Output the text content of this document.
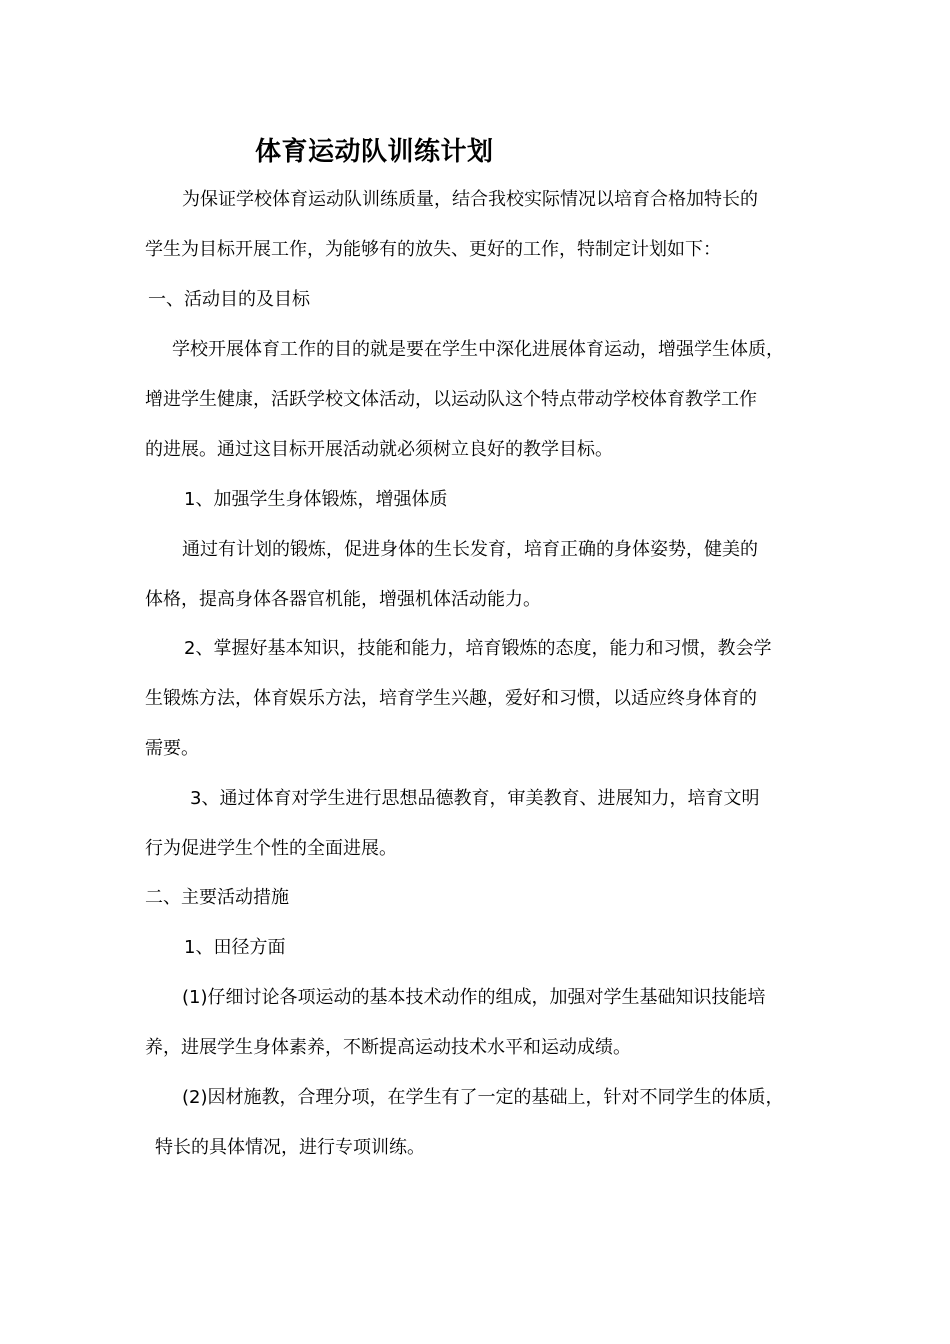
体育运动队训练计划
为保证学校体育运动队训练质量，结合我校实际情况以培育合格加特长的
学生为目标开展工作，为能够有的放失、更好的工作，特制定计划如下：
一、活动目的及目标
学校开展体育工作的目的就是要在学生中深化进展体育运动，增强学生体质，
增进学生健康，活跃学校文体活动，以运动队这个特点带动学校体育教学工作
的进展。通过这目标开展活动就必须树立良好的教学目标。
1、加强学生身体锻炼，增强体质
通过有计划的锻炼，促进身体的生长发育，培育正确的身体姿势，健美的
体格，提高身体各器官机能，增强机体活动能力。
2、掌握好基本知识，技能和能力，培育锻炼的态度，能力和习惯，教会学
生锻炼方法，体育娱乐方法，培育学生兴趣，爱好和习惯，以适应终身体育的
需要。
3、通过体育对学生进行思想品德教育，审美教育、进展知力，培育文明
行为促进学生个性的全面进展。
二、主要活动措施
1、田径方面
(1)仔细讨论各项运动的基本技术动作的组成，加强对学生基础知识技能培
养，进展学生身体素养，不断提高运动技术水平和运动成绩。
(2)因材施教，合理分项，在学生有了一定的基础上，针对不同学生的体质，
特长的具体情况，进行专项训练。
